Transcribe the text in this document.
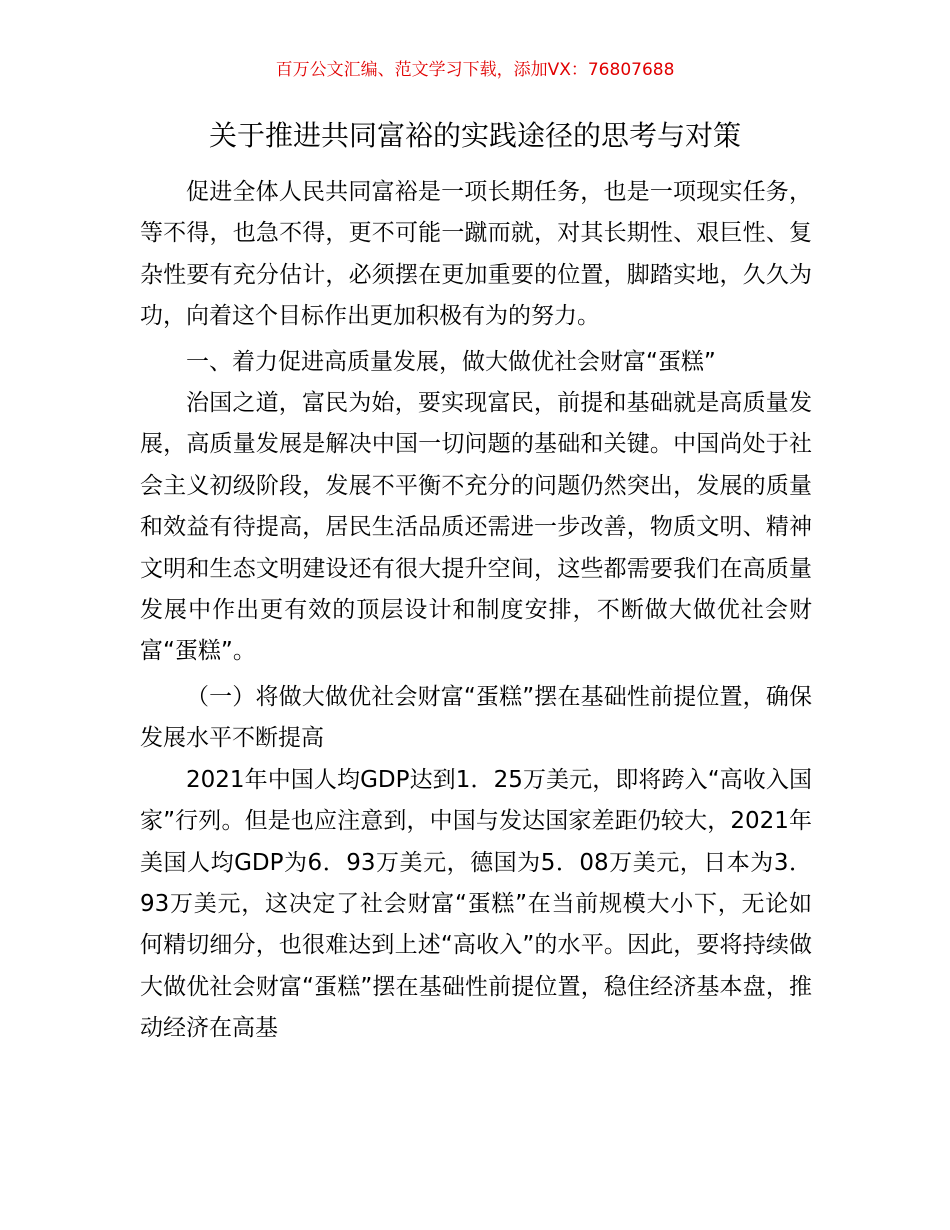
百万公文汇编、范文学习下载，添加VX：76807688
关于推进共同富裕的实践途径的思考与对策

促进全体人民共同富裕是一项长期任务，也是一项现实任务，等不得，也急不得，更不可能一蹴而就，对其长期性、艰巨性、复杂性要有充分估计，必须摆在更加重要的位置，脚踏实地，久久为功，向着这个目标作出更加积极有为的努力。

一、着力促进高质量发展，做大做优社会财富“蛋糕”

治国之道，富民为始，要实现富民，前提和基础就是高质量发展，高质量发展是解决中国一切问题的基础和关键。中国尚处于社会主义初级阶段，发展不平衡不充分的问题仍然突出，发展的质量和效益有待提高，居民生活品质还需进一步改善，物质文明、精神文明和生态文明建设还有很大提升空间，这些都需要我们在高质量发展中作出更有效的顶层设计和制度安排，不断做大做优社会财富“蛋糕”。

（一）将做大做优社会财富“蛋糕”摆在基础性前提位置，确保发展水平不断提高

2021年中国人均GDP达到1．25万美元，即将跨入“高收入国家”行列。但是也应注意到，中国与发达国家差距仍较大，2021年美国人均GDP为6．93万美元，德国为5．08万美元，日本为3．93万美元，这决定了社会财富“蛋糕”在当前规模大小下，无论如何精切细分，也很难达到上述“高收入”的水平。因此，要将持续做大做优社会财富“蛋糕”摆在基础性前提位置，稳住经济基本盘，推动经济在高基
